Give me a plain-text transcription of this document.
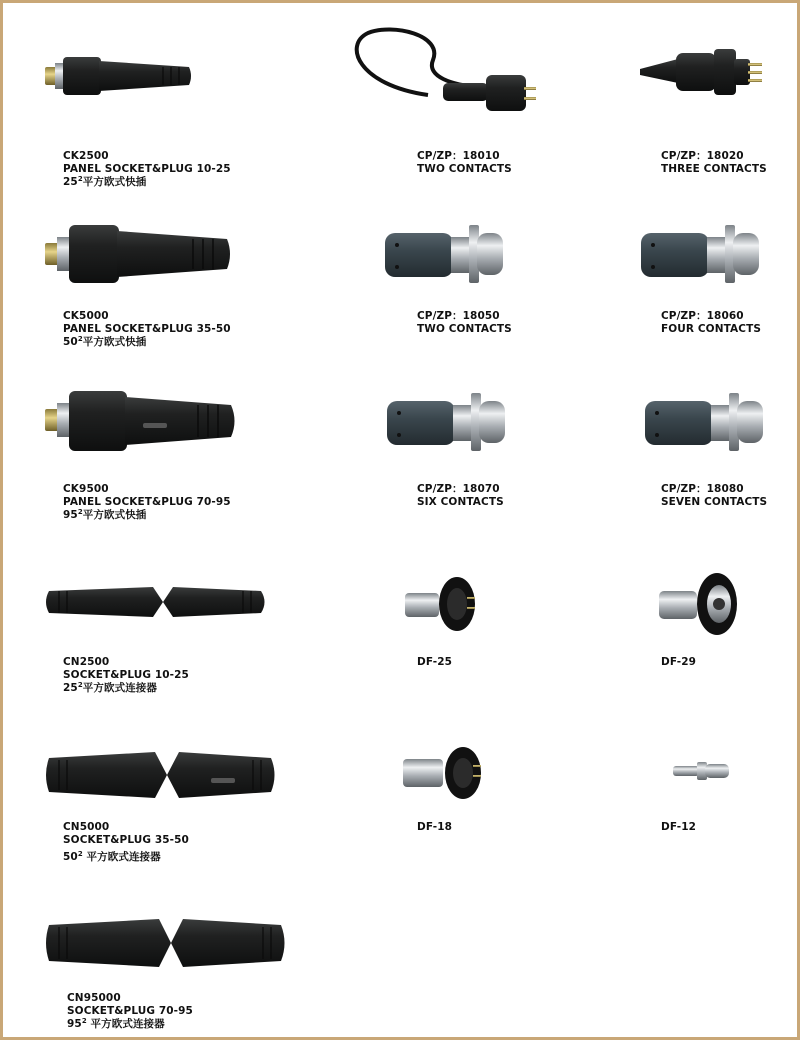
CK2500
PANEL SOCKET&PLUG 10-25
$25^2$平方欧式快插
CP/ZP：18010
TWO CONTACTS
CP/ZP：18020
THREE CONTACTS
CK5000
PANEL SOCKET&PLUG 35-50
$50^2$平方欧式快插
CP/ZP：18050
TWO CONTACTS
CP/ZP：18060
FOUR CONTACTS
CK9500
PANEL SOCKET&PLUG 70-95
$95^2$平方欧式快插
CP/ZP：18070
SIX CONTACTS
CP/ZP：18080
SEVEN CONTACTS
CN2500
SOCKET&PLUG 10-25
$25^2$平方欧式连接器
DF-25	DF-29
CN5000
SOCKET&PLUG 35-50
$50^2$ 平方欧式连接器
DF-18	DF-12
CN95000
SOCKET&PLUG 70-95
$95^2$ 平方欧式连接器
